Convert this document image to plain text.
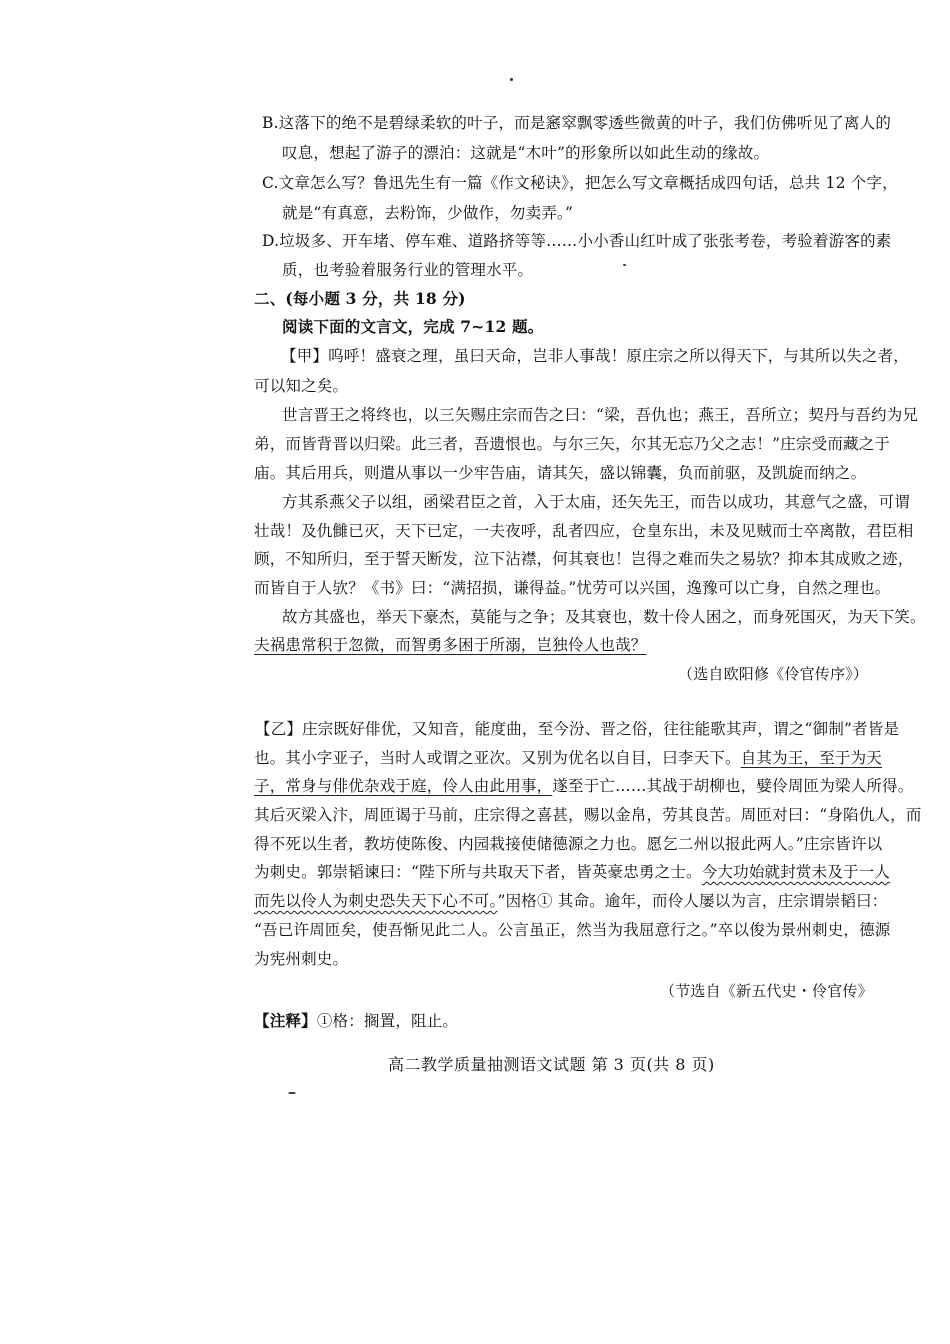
B.这落下的绝不是碧绿柔软的叶子，而是窸窣飘零透些微黄的叶子，我们仿佛听见了离人的
叹息，想起了游子的漂泊：这就是“木叶”的形象所以如此生动的缘故。
C.文章怎么写？鲁迅先生有一篇《作文秘诀》，把怎么写文章概括成四句话，总共 12 个字，
就是“有真意，去粉饰，少做作，勿卖弄。”
D.垃圾多、开车堵、停车难、道路挤等等……小小香山红叶成了张张考卷，考验着游客的素
质，也考验着服务行业的管理水平。
二、(每小题 3 分，共 18 分)
阅读下面的文言文，完成 7~12 题。
【甲】呜呼！盛衰之理，虽曰天命，岂非人事哉！原庄宗之所以得天下，与其所以失之者，
可以知之矣。
世言晋王之将终也，以三矢赐庄宗而告之曰：“梁，吾仇也；燕王，吾所立；契丹与吾约为兄
弟，而皆背晋以归梁。此三者，吾遗恨也。与尔三矢，尔其无忘乃父之志！”庄宗受而藏之于
庙。其后用兵，则遣从事以一少牢告庙，请其矢，盛以锦囊，负而前驱，及凯旋而纳之。
方其系燕父子以组，函梁君臣之首，入于太庙，还矢先王，而告以成功，其意气之盛，可谓
壮哉！及仇雠已灭，天下已定，一夫夜呼，乱者四应，仓皇东出，未及见贼而士卒离散，君臣相
顾，不知所归，至于誓天断发，泣下沾襟，何其衰也！岂得之难而失之易欤？抑本其成败之迹，
而皆自于人欤？《书》曰：“满招损，谦得益。”忧劳可以兴国，逸豫可以亡身，自然之理也。
故方其盛也，举天下豪杰，莫能与之争；及其衰也，数十伶人困之，而身死国灭，为天下笑。
夫祸患常积于忽微，而智勇多困于所溺，岂独伶人也哉？
（选自欧阳修《伶官传序》）
【乙】庄宗既好俳优，又知音，能度曲，至今汾、晋之俗，往往能歌其声，谓之“御制”者皆是
也。其小字亚子，当时人或谓之亚次。又别为优名以自目，曰李天下。自其为王，至于为天
子，常身与俳优杂戏于庭，伶人由此用事，遂至于亡……其战于胡柳也，嬖伶周匝为梁人所得。
其后灭梁入汴，周匝谒于马前，庄宗得之喜甚，赐以金帛，劳其良苦。周匝对曰：“身陷仇人，而
得不死以生者，教坊使陈俊、内园栽接使储德源之力也。愿乞二州以报此两人。”庄宗皆许以
为刺史。郭崇韬谏曰：“陛下所与共取天下者，皆英豪忠勇之士。今大功始就封赏未及于一人
而先以伶人为刺史恐失天下心不可。”因格① 其命。逾年，而伶人屡以为言，庄宗谓崇韬曰：
“吾已许周匝矣，使吾惭见此二人。公言虽正，然当为我屈意行之。”卒以俊为景州刺史，德源
为宪州刺史。
（节选自《新五代史・伶官传》
【注释】①格：搁置，阻止。
高二教学质量抽测语文试题 第 3 页(共 8 页)
